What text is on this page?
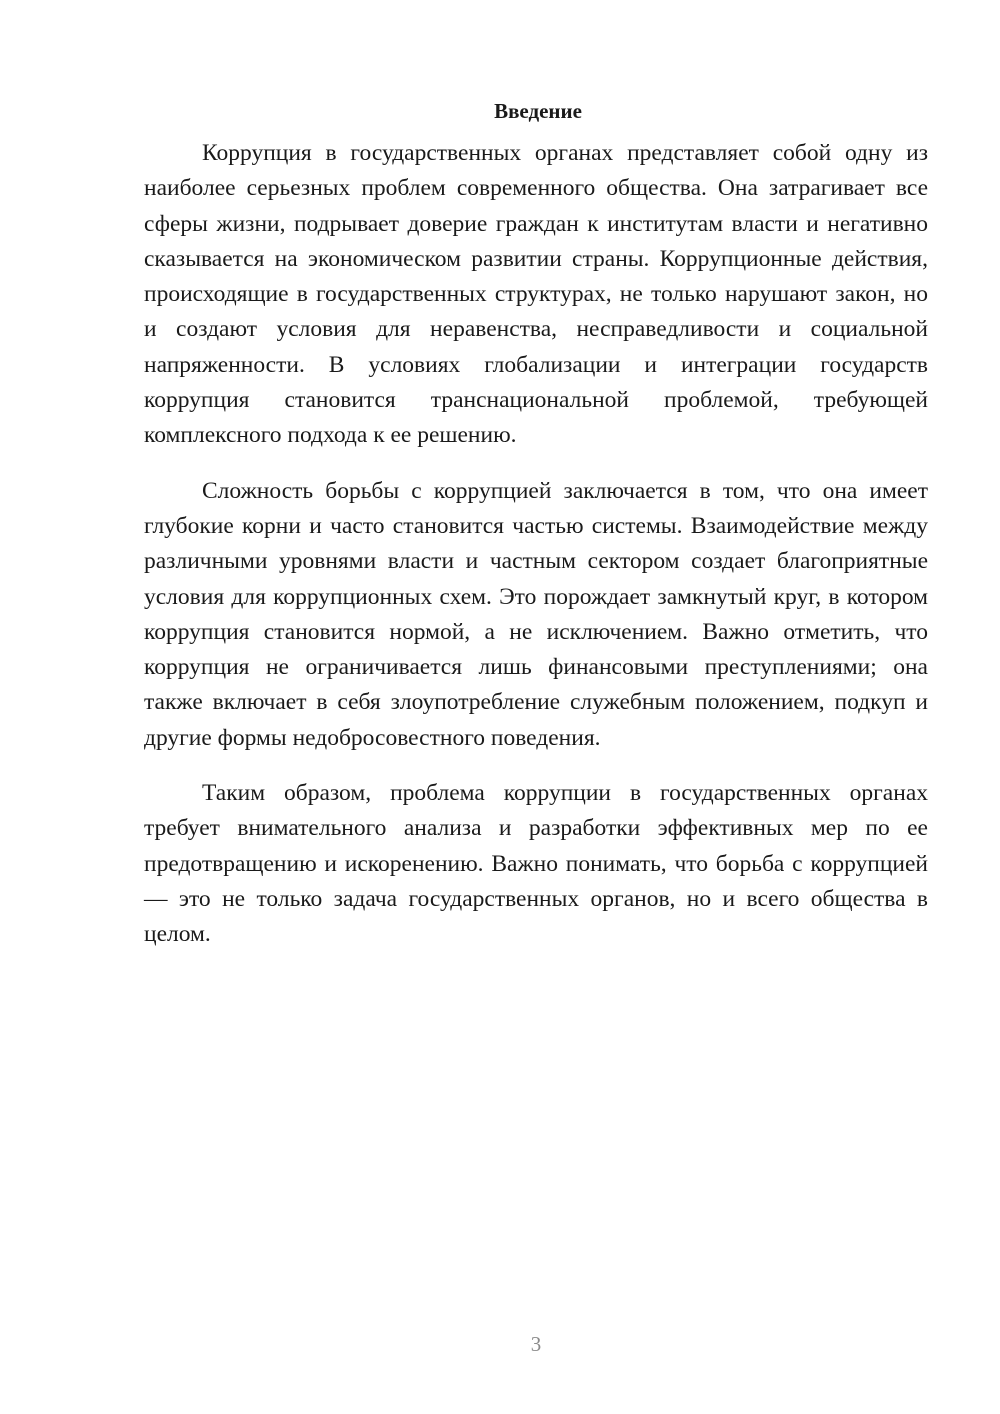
Введение

Коррупция в государственных органах представляет собой одну из наиболее серьезных проблем современного общества. Она затрагивает все сферы жизни, подрывает доверие граждан к институтам власти и негативно сказывается на экономическом развитии страны. Коррупционные действия, происходящие в государственных структурах, не только нарушают закон, но и создают условия для неравенства, несправедливости и социальной напряженности. В условиях глобализации и интеграции государств коррупция становится транснациональной проблемой, требующей комплексного подхода к ее решению.

Сложность борьбы с коррупцией заключается в том, что она имеет глубокие корни и часто становится частью системы. Взаимодействие между различными уровнями власти и частным сектором создает благоприятные условия для коррупционных схем. Это порождает замкнутый круг, в котором коррупция становится нормой, а не исключением. Важно отметить, что коррупция не ограничивается лишь финансовыми преступлениями; она также включает в себя злоупотребление служебным положением, подкуп и другие формы недобросовестного поведения.

Таким образом, проблема коррупции в государственных органах требует внимательного анализа и разработки эффективных мер по ее предотвращению и искоренению. Важно понимать, что борьба с коррупцией — это не только задача государственных органов, но и всего общества в целом.

3
